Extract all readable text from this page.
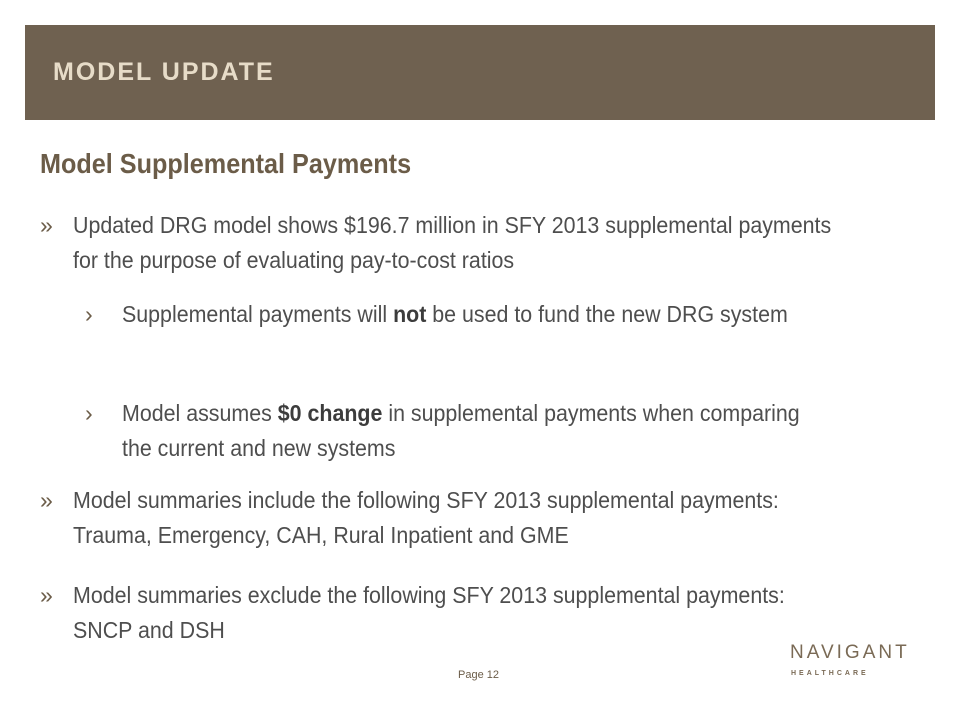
MODEL UPDATE
Model Supplemental Payments
» Updated DRG model shows $196.7 million in SFY 2013 supplemental payments for the purpose of evaluating pay-to-cost ratios
› Supplemental payments will not be used to fund the new DRG system
› Model assumes $0 change in supplemental payments when comparing the current and new systems
» Model summaries include the following SFY 2013 supplemental payments: Trauma, Emergency, CAH, Rural Inpatient and GME
» Model summaries exclude the following SFY 2013 supplemental payments: SNCP and DSH
Page 12
NAVIGANT
HEALTHCARE
